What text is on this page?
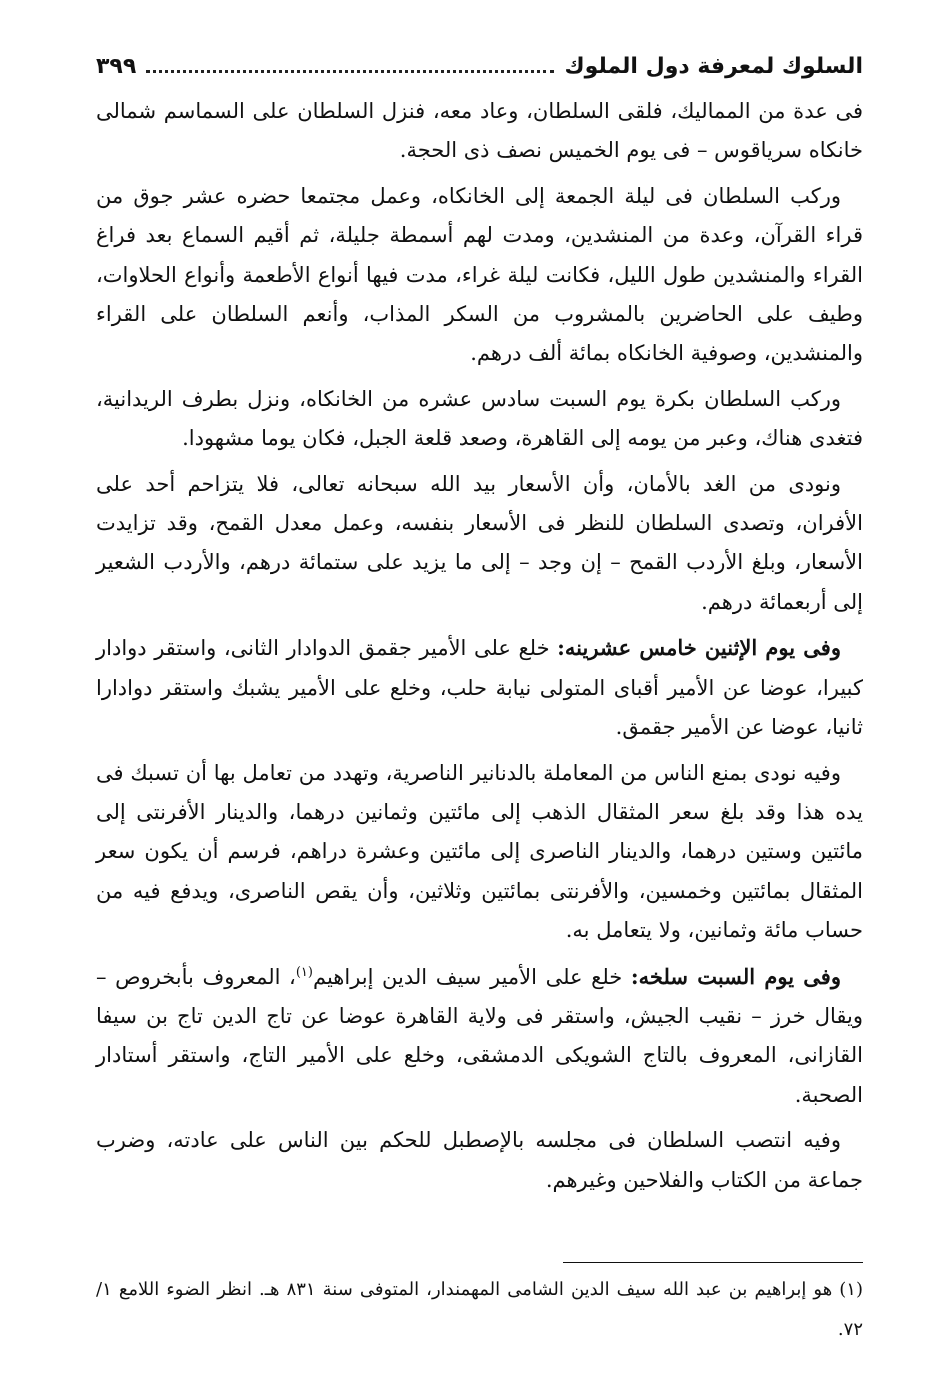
السلوك لمعرفة دول الملوك
٣٩٩

فى عدة من المماليك، فلقى السلطان، وعاد معه، فنزل السلطان على السماسم شمالى خانكاه سرياقوس – فى يوم الخميس نصف ذى الحجة.

وركب السلطان فى ليلة الجمعة إلى الخانكاه، وعمل مجتمعا حضره عشر جوق من قراء القرآن، وعدة من المنشدين، ومدت لهم أسمطة جليلة، ثم أقيم السماع بعد فراغ القراء والمنشدين طول الليل، فكانت ليلة غراء، مدت فيها أنواع الأطعمة وأنواع الحلاوات، وطيف على الحاضرين بالمشروب من السكر المذاب، وأنعم السلطان على القراء والمنشدين، وصوفية الخانكاه بمائة ألف درهم.

وركب السلطان بكرة يوم السبت سادس عشره من الخانكاه، ونزل بطرف الريدانية، فتغدى هناك، وعبر من يومه إلى القاهرة، وصعد قلعة الجبل، فكان يوما مشهودا.

ونودى من الغد بالأمان، وأن الأسعار بيد الله سبحانه تعالى، فلا يتزاحم أحد على الأفران، وتصدى السلطان للنظر فى الأسعار بنفسه، وعمل معدل القمح، وقد تزايدت الأسعار، وبلغ الأردب القمح – إن وجد – إلى ما يزيد على ستمائة درهم، والأردب الشعير إلى أربعمائة درهم.

وفى يوم الإثنين خامس عشرينه: خلع على الأمير جقمق الدوادار الثانى، واستقر دوادار كبيرا، عوضا عن الأمير أقباى المتولى نيابة حلب، وخلع على الأمير يشبك واستقر دوادارا ثانيا، عوضا عن الأمير جقمق.

وفيه نودى بمنع الناس من المعاملة بالدنانير الناصرية، وتهدد من تعامل بها أن تسبك فى يده هذا وقد بلغ سعر المثقال الذهب إلى مائتين وثمانين درهما، والدينار الأفرنتى إلى مائتين وستين درهما، والدينار الناصرى إلى مائتين وعشرة دراهم، فرسم أن يكون سعر المثقال بمائتين وخمسين، والأفرنتى بمائتين وثلاثين، وأن يقص الناصرى، ويدفع فيه من حساب مائة وثمانين، ولا يتعامل به.

وفى يوم السبت سلخه: خلع على الأمير سيف الدين إبراهيم$^{(١)}$، المعروف بأبخروص – ويقال خرز – نقيب الجيش، واستقر فى ولاية القاهرة عوضا عن تاج الدين تاج بن سيفا القازانى، المعروف بالتاج الشويكى الدمشقى، وخلع على الأمير التاج، واستقر أستادار الصحبة.

وفيه انتصب السلطان فى مجلسه بالإصطبل للحكم بين الناس على عادته، وضرب جماعة من الكتاب والفلاحين وغيرهم.

(١) هو إبراهيم بن عبد الله سيف الدين الشامى المهمندار، المتوفى سنة ٨٣١ هـ. انظر الضوء اللامع ١/ ٧٢.
